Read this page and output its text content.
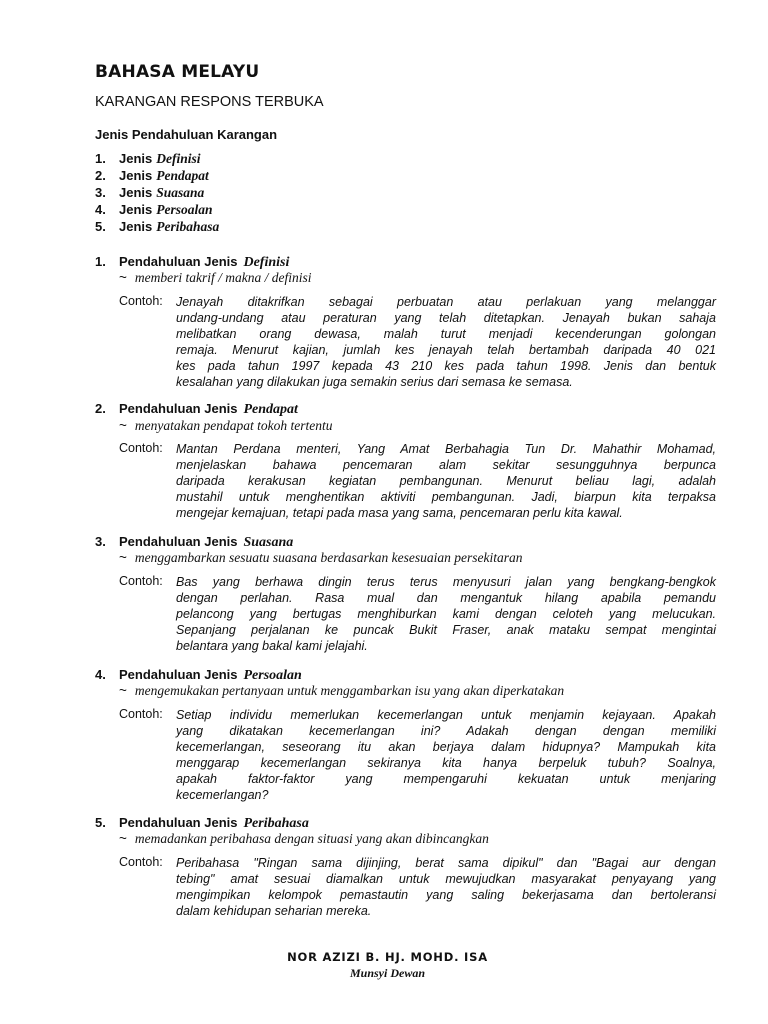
BAHASA MELAYU
KARANGAN RESPONS TERBUKA
Jenis Pendahuluan Karangan
1. Jenis Definisi
2. Jenis Pendapat
3. Jenis Suasana
4. Jenis Persoalan
5. Jenis Peribahasa
1. Pendahuluan Jenis Definisi
~ memberi takrif / makna / definisi
Contoh: Jenayah ditakrifkan sebagai perbuatan atau perlakuan yang melanggar
undang-undang atau peraturan yang telah ditetapkan. Jenayah bukan sahaja
melibatkan orang dewasa, malah turut menjadi kecenderungan golongan
remaja. Menurut kajian, jumlah kes jenayah telah bertambah daripada 40 021
kes pada tahun 1997 kepada 43 210 kes pada tahun 1998. Jenis dan bentuk
kesalahan yang dilakukan juga semakin serius dari semasa ke semasa.
2. Pendahuluan Jenis Pendapat
~ menyatakan pendapat tokoh tertentu
Contoh: Mantan Perdana menteri, Yang Amat Berbahagia Tun Dr. Mahathir Mohamad,
menjelaskan bahawa pencemaran alam sekitar sesungguhnya berpunca
daripada kerakusan kegiatan pembangunan. Menurut beliau lagi, adalah
mustahil untuk menghentikan aktiviti pembangunan. Jadi, biarpun kita terpaksa
mengejar kemajuan, tetapi pada masa yang sama, pencemaran perlu kita kawal.
3. Pendahuluan Jenis Suasana
~ menggambarkan sesuatu suasana berdasarkan kesesuaian persekitaran
Contoh: Bas yang berhawa dingin terus terus menyusuri jalan yang bengkang-bengkok
dengan perlahan. Rasa mual dan mengantuk hilang apabila pemandu
pelancong yang bertugas menghiburkan kami dengan celoteh yang melucukan.
Sepanjang perjalanan ke puncak Bukit Fraser, anak mataku sempat mengintai
belantara yang bakal kami jelajahi.
4. Pendahuluan Jenis Persoalan
~ mengemukakan pertanyaan untuk menggambarkan isu yang akan diperkatakan
Contoh: Setiap individu memerlukan kecemerlangan untuk menjamin kejayaan. Apakah
yang dikatakan kecemerlangan ini? Adakah dengan dengan memiliki
kecemerlangan, seseorang itu akan berjaya dalam hidupnya? Mampukah kita
menggarap kecemerlangan sekiranya kita hanya berpeluk tubuh? Soalnya,
apakah faktor-faktor yang mempengaruhi kekuatan untuk menjaring
kecemerlangan?
5. Pendahuluan Jenis Peribahasa
~ memadankan peribahasa dengan situasi yang akan dibincangkan
Contoh: Peribahasa "Ringan sama dijinjing, berat sama dipikul" dan "Bagai aur dengan
tebing" amat sesuai diamalkan untuk mewujudkan masyarakat penyayang yang
mengimpikan kelompok pemastautin yang saling bekerjasama dan bertoleransi
dalam kehidupan seharian mereka.
NOR AZIZI B. HJ. MOHD. ISA
Munsyi Dewan
